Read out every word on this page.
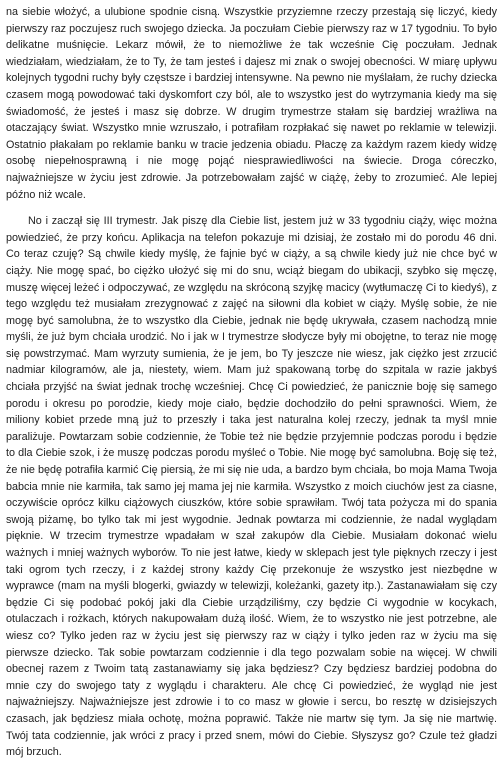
na siebie włożyć, a ulubione spodnie cisną. Wszystkie przyziemne rzeczy przestają się liczyć, kiedy pierwszy raz poczujesz ruch swojego dziecka. Ja poczułam Ciebie pierwszy raz w 17 tygodniu. To było delikatne muśnięcie. Lekarz mówił, że to niemożliwe że tak wcześnie Cię poczułam. Jednak wiedziałam, wiedziałam, że to Ty, że tam jesteś i dajesz mi znak o swojej obecności. W miarę upływu kolejnych tygodni ruchy były częstsze i bardziej intensywne. Na pewno nie myślałam, że ruchy dziecka czasem mogą powodować taki dyskomfort czy ból, ale to wszystko jest do wytrzymania kiedy ma się świadomość, że jesteś i masz się dobrze. W drugim trymestrze stałam się bardziej wrażliwa na otaczający świat. Wszystko mnie wzruszało, i potrafiłam rozpłakać się nawet po reklamie w telewizji. Ostatnio płakałam po reklamie banku w tracie jedzenia obiadu. Płaczę za każdym razem kiedy widzę osobę niepełnosprawną i nie mogę pojąć niesprawiedliwości na świecie. Droga córeczko, najważniejsze w życiu jest zdrowie. Ja potrzebowałam zajść w ciążę, żeby to zrozumieć. Ale lepiej późno niż wcale.

No i zaczął się III trymestr. Jak piszę dla Ciebie list, jestem już w 33 tygodniu ciąży, więc można powiedzieć, że przy końcu. Aplikacja na telefon pokazuje mi dzisiaj, że zostało mi do porodu 46 dni. Co teraz czuję? Są chwile kiedy myślę, że fajnie być w ciąży, a są chwile kiedy już nie chce być w ciąży. Nie mogę spać, bo ciężko ułożyć się mi do snu, wciąż biegam do ubikacji, szybko się męczę, muszę więcej leżeć i odpoczywać, ze względu na skróconą szyjkę macicy (wytłumaczę Ci to kiedyś), z tego względu też musiałam zrezygnować z zajęć na siłowni dla kobiet w ciąży. Myślę sobie, że nie mogę być samolubna, że to wszystko dla Ciebie, jednak nie będę ukrywała, czasem nachodzą mnie myśli, że już bym chciała urodzić. No i jak w I trymestrze słodycze były mi obojętne, to teraz nie mogę się powstrzymać. Mam wyrzuty sumienia, że je jem, bo Ty jeszcze nie wiesz, jak ciężko jest zrzucić nadmiar kilogramów, ale ja, niestety, wiem. Mam już spakowaną torbę do szpitala w razie jakbyś chciała przyjść na świat jednak trochę wcześniej. Chcę Ci powiedzieć, że panicznie boję się samego porodu i okresu po porodzie, kiedy moje ciało, będzie dochodziło do pełni sprawności. Wiem, że miliony kobiet przede mną już to przeszły i taka jest naturalna kolej rzeczy, jednak ta myśl mnie paraliżuje. Powtarzam sobie codziennie, że Tobie też nie będzie przyjemnie podczas porodu i będzie to dla Ciebie szok, i że muszę podczas porodu myśleć o Tobie. Nie mogę być samolubna. Boję się też, że nie będę potrafiła karmić Cię piersią, że mi się nie uda, a bardzo bym chciała, bo moja Mama Twoja babcia mnie nie karmiła, tak samo jej mama jej nie karmiła. Wszystko z moich ciuchów jest za ciasne, oczywiście oprócz kilku ciążowych ciuszków, które sobie sprawiłam. Twój tata pożycza mi do spania swoją piżamę, bo tylko tak mi jest wygodnie. Jednak powtarza mi codziennie, że nadal wyglądam pięknie. W trzecim trymestrze wpadałam w szał zakupów dla Ciebie. Musiałam dokonać wielu ważnych i mniej ważnych wyborów. To nie jest łatwe, kiedy w sklepach jest tyle pięknych rzeczy i jest taki ogrom tych rzeczy, i z każdej strony każdy Cię przekonuje że wszystko jest niezbędne w wyprawce (mam na myśli blogerki, gwiazdy w telewizji, koleżanki, gazety itp.). Zastanawiałam się czy będzie Ci się podobać pokój jaki dla Ciebie urządziliśmy, czy będzie Ci wygodnie w kocykach, otulaczach i rożkach, których nakupowałam dużą ilość. Wiem, że to wszystko nie jest potrzebne, ale wiesz co? Tylko jeden raz w życiu jest się pierwszy raz w ciąży i tylko jeden raz w życiu ma się pierwsze dziecko. Tak sobie powtarzam codziennie i dla tego pozwalam sobie na więcej. W chwili obecnej razem z Twoim tatą zastanawiamy się jaka będziesz? Czy będziesz bardziej podobna do mnie czy do swojego taty z wyglądu i charakteru. Ale chcę Ci powiedzieć, że wygląd nie jest najważniejszy. Najważniejsze jest zdrowie i to co masz w głowie i sercu, bo resztę w dzisiejszych czasach, jak będziesz miała ochotę, można poprawić. Także nie martw się tym. Ja się nie martwię. Twój tata codziennie, jak wróci z pracy i przed snem, mówi do Ciebie. Słyszysz go? Czule też gładzi mój brzuch.
